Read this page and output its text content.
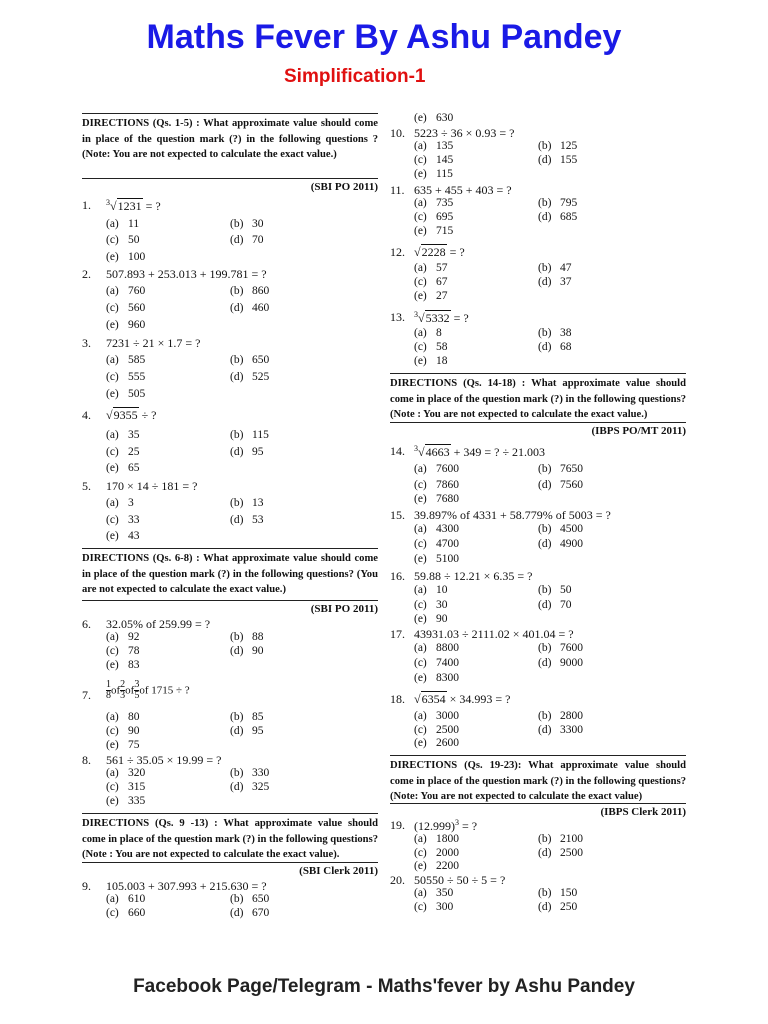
Maths Fever By Ashu Pandey
Simplification-1
DIRECTIONS (Qs. 1-5) : What approximate value should come in place of the question mark (?) in the following questions ? (Note: You are not expected to calculate the exact value.)
(SBI PO 2011)
1. $^3$√1231 = ?
(a) 11	(b) 30
(c) 50	(d) 70
(e) 100
2. 507.893 + 253.013 + 199.781 = ?
(a) 760	(b) 860
(c) 560	(d) 460
(e) 960
3. 7231 ÷ 21 × 1.7 = ?
(a) 585	(b) 650
(c) 555	(d) 525
(e) 505
4. √9355 ÷ ?
(a) 35	(b) 115
(c) 25	(d) 95
(e) 65
5. 170 × 14 ÷ 181 = ?
(a) 3	(b) 13
(c) 33	(d) 53
(e) 43
DIRECTIONS (Qs. 6-8) : What approximate value should come in place of the question mark (?) in the following questions? (You are not expected to calculate the exact value.)
(SBI PO 2011)
6. 32.05% of 259.99 = ?
(a) 92	(b) 88
(c) 78	(d) 90
(e) 83
7. $\frac{1}{8}$ of $\frac{2}{3}$ of $\frac{3}{5}$ of 1715 ÷ ?
(a) 80	(b) 85
(c) 90	(d) 95
(e) 75
8. 561 ÷ 35.05 × 19.99 = ?
(a) 320	(b) 330
(c) 315	(d) 325
(e) 335
DIRECTIONS (Qs. 9 -13) : What approximate value should come in place of the question mark (?) in the following questions? (Note : You are not expected to calculate the exact value).
(SBI Clerk 2011)
9. 105.003 + 307.993 + 215.630 = ?
(a) 610	(b) 650
(c) 660	(d) 670
(e) 630
10. 5223 ÷ 36 × 0.93 = ?
(a) 135	(b) 125
(c) 145	(d) 155
(e) 115
11. 635 + 455 + 403 = ?
(a) 735	(b) 795
(c) 695	(d) 685
(e) 715
12. √2228 = ?
(a) 57	(b) 47
(c) 67	(d) 37
(e) 27
13. $^3$√5332 = ?
(a) 8	(b) 38
(c) 58	(d) 68
(e) 18
DIRECTIONS (Qs. 14-18) : What approximate value should come in place of the question mark (?) in the following questions? (Note : You are not expected to calculate the exact value.)
(IBPS PO/MT 2011)
14. $^3$√4663 + 349 = ? ÷ 21.003
(a) 7600	(b) 7650
(c) 7860	(d) 7560
(e) 7680
15. 39.897% of 4331 + 58.779% of 5003 = ?
(a) 4300	(b) 4500
(c) 4700	(d) 4900
(e) 5100
16. 59.88 ÷ 12.21 × 6.35 = ?
(a) 10	(b) 50
(c) 30	(d) 70
(e) 90
17. 43931.03 ÷ 2111.02 × 401.04 = ?
(a) 8800	(b) 7600
(c) 7400	(d) 9000
(e) 8300
18. √6354 × 34.993 = ?
(a) 3000	(b) 2800
(c) 2500	(d) 3300
(e) 2600
DIRECTIONS (Qs. 19-23): What approximate value should come in place of the question mark (?) in the following questions? (Note: You are not expected to calculate the exact value)
(IBPS Clerk 2011)
19. $(12.999)^3$ = ?
(a) 1800	(b) 2100
(c) 2000	(d) 2500
(e) 2200
20. 50550 ÷ 50 ÷ 5 = ?
(a) 350	(b) 150
(c) 300	(d) 250
Facebook Page/Telegram - Maths'fever by Ashu Pandey
